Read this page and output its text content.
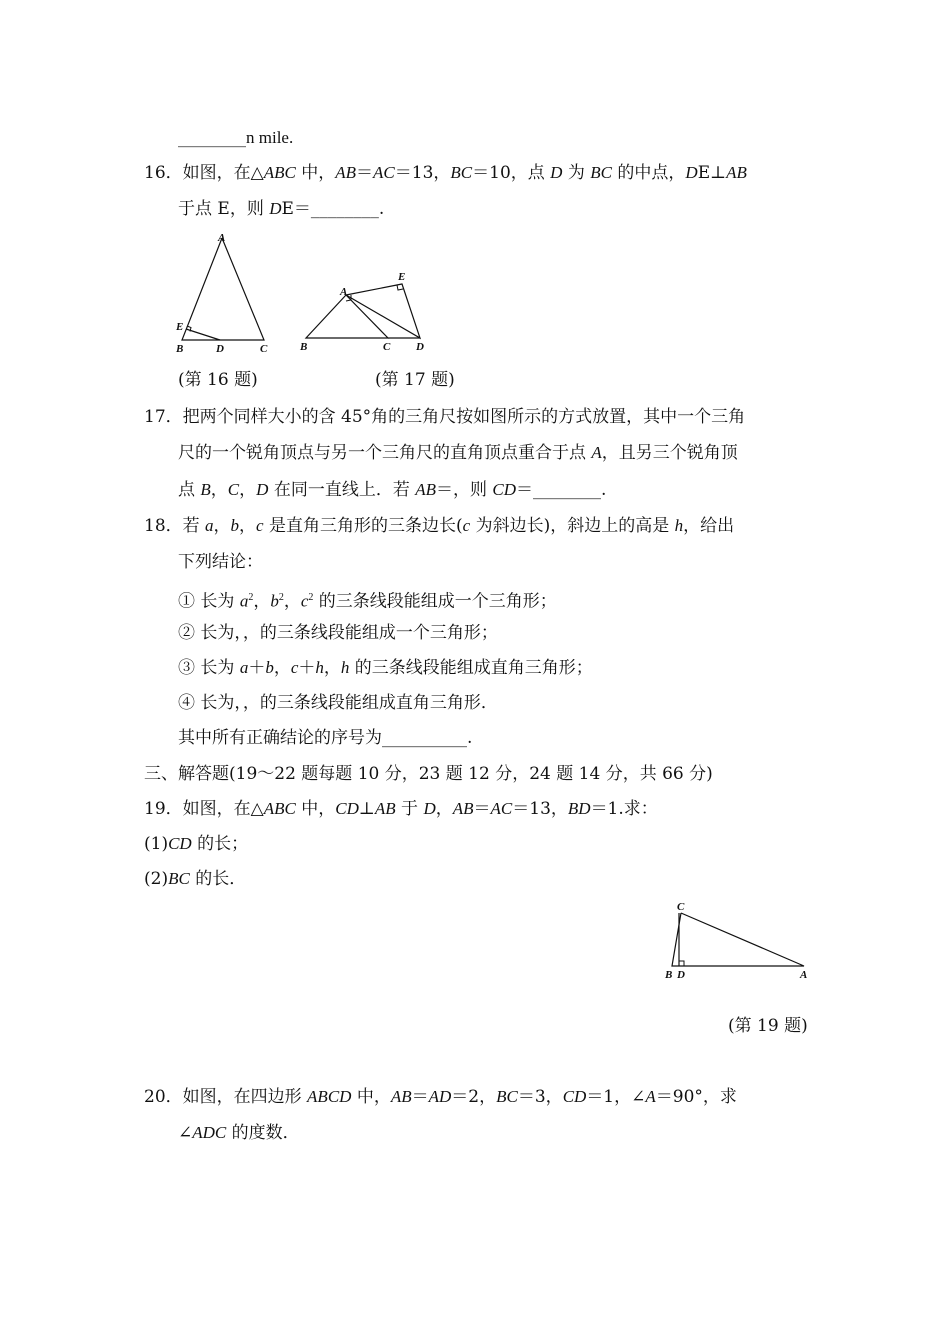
________n mile.
16．如图，在△ABC 中，AB＝AC＝13，BC＝10，点 D 为 BC 的中点，DE⊥AB
于点 E，则 DE＝________.
A
B	D	C
E
A
E
B	C D
(第 16 题)	(第 17 题)
17．把两个同样大小的含 45°角的三角尺按如图所示的方式放置，其中一个三角
尺的一个锐角顶点与另一个三角尺的直角顶点重合于点 A，且另三个锐角顶
点 B，C，D 在同一直线上．若 AB＝，则 CD＝________.
18．若 a，b，c 是直角三角形的三条边长(c 为斜边长)，斜边上的高是 h，给出
下列结论：
① 长为 $a^2$，$b^2$，$c^2$ 的三条线段能组成一个三角形；
② 长为，，的三条线段能组成一个三角形；
③ 长为 a＋b，c＋h，h 的三条线段能组成直角三角形；
④ 长为，，的三条线段能组成直角三角形．
其中所有正确结论的序号为__________.
三、解答题(19～22 题每题 10 分，23 题 12 分，24 题 14 分，共 66 分)
19．如图，在△ABC 中，CD⊥AB 于 D，AB＝AC＝13，BD＝1.求：
(1)CD 的长；
(2)BC 的长．
C
B D	A
(第 19 题)
20．如图，在四边形 ABCD 中，AB＝AD＝2，BC＝3，CD＝1，∠A＝90°，求
∠ADC 的度数．
